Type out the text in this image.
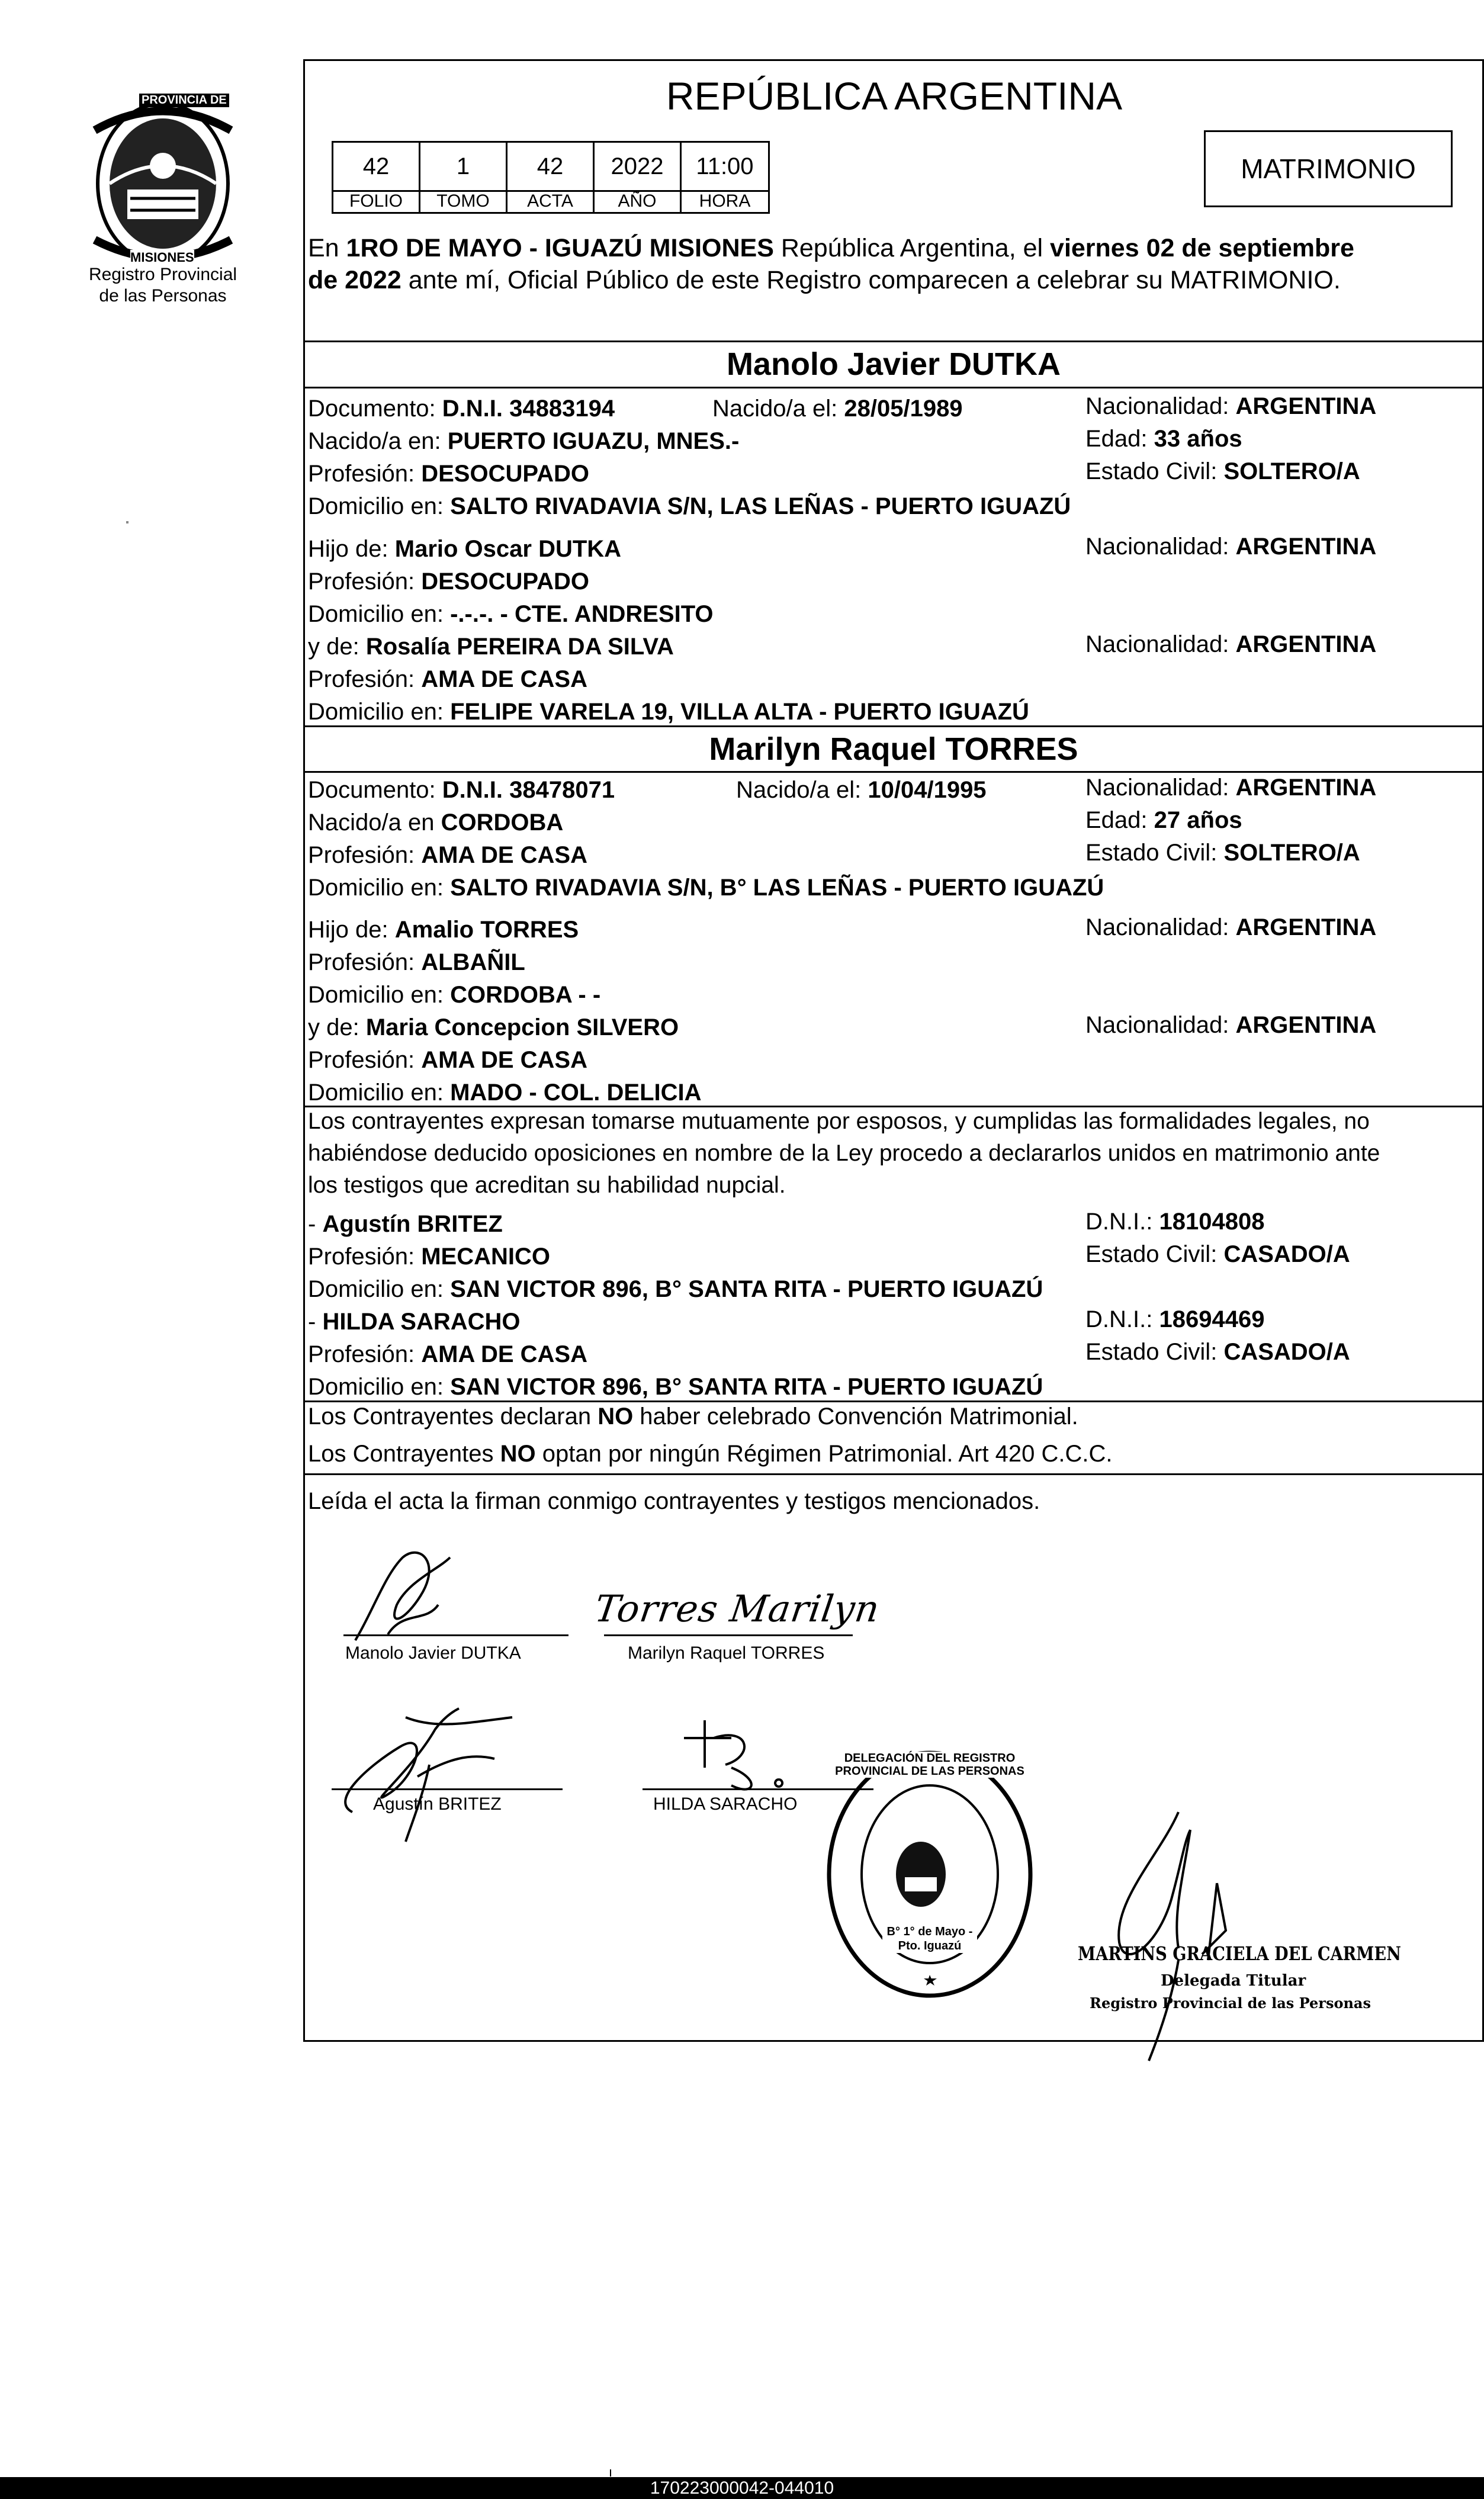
PROVINCIA DE
MISIONES
Registro Provincial
de las Personas
REPÚBLICA ARGENTINA
42	1	42	2022	11:00
FOLIO	TOMO	ACTA	AÑO	HORA
MATRIMONIO
En 1RO DE MAYO - IGUAZÚ MISIONES República Argentina, el viernes 02 de septiembre
de 2022 ante mí, Oficial Público de este Registro comparecen a celebrar su MATRIMONIO.
Manolo Javier DUTKA
Documento: D.N.I. 34883194	Nacido/a el: 28/05/1989	Nacionalidad: ARGENTINA
Nacido/a en: PUERTO IGUAZU, MNES.-	Edad: 33 años
Profesión: DESOCUPADO	Estado Civil: SOLTERO/A
Domicilio en: SALTO RIVADAVIA S/N, LAS LEÑAS - PUERTO IGUAZÚ
Hijo de: Mario Oscar DUTKA	Nacionalidad: ARGENTINA
Profesión: DESOCUPADO
Domicilio en: -.-.-. - CTE. ANDRESITO
y de: Rosalía PEREIRA DA SILVA	Nacionalidad: ARGENTINA
Profesión: AMA DE CASA
Domicilio en: FELIPE VARELA 19, VILLA ALTA - PUERTO IGUAZÚ
Marilyn Raquel TORRES
Documento: D.N.I. 38478071	Nacido/a el: 10/04/1995	Nacionalidad: ARGENTINA
Nacido/a en CORDOBA	Edad: 27 años
Profesión: AMA DE CASA	Estado Civil: SOLTERO/A
Domicilio en: SALTO RIVADAVIA S/N, B° LAS LEÑAS - PUERTO IGUAZÚ
Hijo de: Amalio TORRES	Nacionalidad: ARGENTINA
Profesión: ALBAÑIL
Domicilio en: CORDOBA - -
y de: Maria Concepcion SILVERO	Nacionalidad: ARGENTINA
Profesión: AMA DE CASA
Domicilio en: MADO - COL. DELICIA
Los contrayentes expresan tomarse mutuamente por esposos, y cumplidas las formalidades legales, no
habiéndose deducido oposiciones en nombre de la Ley procedo a declararlos unidos en matrimonio ante
los testigos que acreditan su habilidad nupcial.
- Agustín BRITEZ	D.N.I.: 18104808
Profesión: MECANICO	Estado Civil: CASADO/A
Domicilio en: SAN VICTOR 896, B° SANTA RITA - PUERTO IGUAZÚ
- HILDA SARACHO	D.N.I.: 18694469
Profesión: AMA DE CASA	Estado Civil: CASADO/A
Domicilio en: SAN VICTOR 896, B° SANTA RITA - PUERTO IGUAZÚ
Los Contrayentes declaran NO haber celebrado Convención Matrimonial.
Los Contrayentes NO optan por ningún Régimen Patrimonial. Art 420 C.C.C.
Leída el acta la firman conmigo contrayentes y testigos mencionados.
Manolo Javier DUTKA
Torres Marilyn
Marilyn Raquel TORRES
Agustín BRITEZ	HILDA SARACHO
DELEGACIÓN DEL REGISTRO PROVINCIAL DE LAS PERSONAS
B° 1° de Mayo - Pto. Iguazú	MARTINS GRACIELA DEL CARMEN
Delegada Titular
Registro Provincial de las Personas
170223000042-044010
